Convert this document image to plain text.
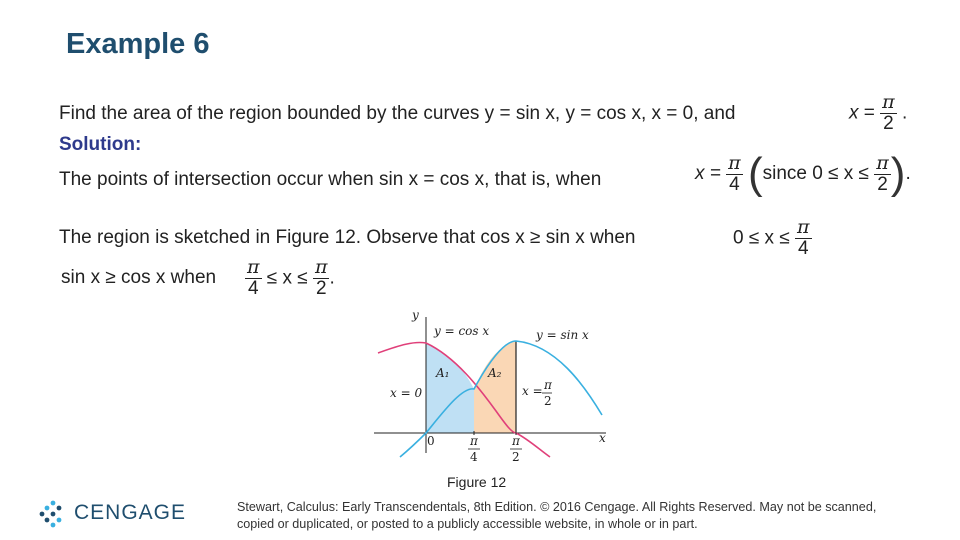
Example 6
Find the area of the region bounded by the curves y = sin x, y = cos x, x = 0, and	$x = \frac{\pi}{2}$ .
Solution:
The points of intersection occur when sin x = cos x, that is, when	$x = \frac{\pi}{4}$ (since $0 \le x \le \frac{\pi}{2}$ ).
The region is sketched in Figure 12. Observe that cos x ≥ sin x when	$0 \le x \le \frac{\pi}{4}$
sin x ≥ cos x when $\frac{\pi}{4} \le x \le \frac{\pi}{2}$ .
y
x
0
y = cos x	y = sin x
A₁	A₂
x = 0	x = π
2
π
4
π
2
Figure 12
CENGAGE	Stewart, Calculus: Early Transcendentals, 8th Edition. © 2016 Cengage. All Rights Reserved. May not be scanned, copied or duplicated, or posted to a publicly accessible website, in whole or in part.
